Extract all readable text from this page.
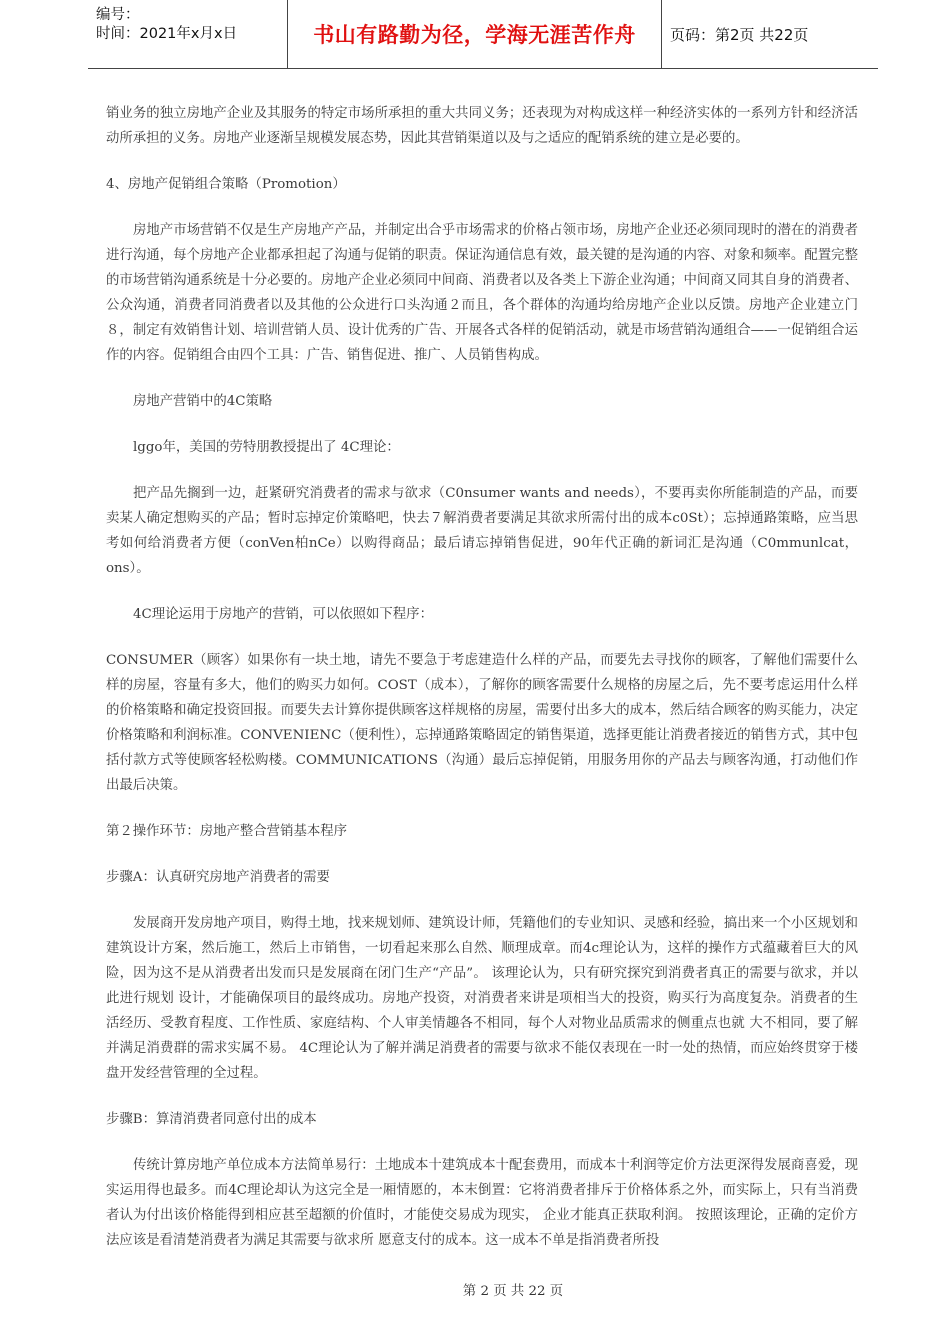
编号：
时间：2021年x月x日	书山有路勤为径，学海无涯苦作舟 页码：第2页 共22页

销业务的独立房地产企业及其服务的特定市场所承担的重大共同义务；还表现为对构成这样一种经济实体的一系列方针和经济活动所承担的义务。房地产业逐渐呈规模发展态势，因此其营销渠道以及与之适应的配销系统的建立是必要的。

4、房地产促销组合策略（Promotion）

房地产市场营销不仅是生产房地产产品，并制定出合乎市场需求的价格占领市场，房地产企业还必须同现时的潜在的消费者进行沟通，每个房地产企业都承担起了沟通与促销的职责。保证沟通信息有效，最关键的是沟通的内容、对象和频率。配置完整的市场营销沟通系统是十分必要的。房地产企业必须同中间商、消费者以及各类上下游企业沟通；中间商又同其自身的消费者、公众沟通，消费者同消费者以及其他的公众进行口头沟通２而且，各个群体的沟通均给房地产企业以反馈。房地产企业建立门８，制定有效销售计划、培训营销人员、设计优秀的广告、开展各式各样的促销活动，就是市场营销沟通组合——一促销组合运作的内容。促销组合由四个工具：广告、销售促进、推广、人员销售构成。

房地产营销中的4C策略

lggo年，美国的劳特朋教授提出了 4C理论：

把产品先搁到一边，赶紧研究消费者的需求与欲求（C0nsumer wants and needs），不要再卖你所能制造的产品，而要卖某人确定想购买的产品；暂时忘掉定价策略吧，快去７解消费者要满足其欲求所需付出的成本c0St）；忘掉通路策略，应当思考如何给消费者方便（conVen柏nCe）以购得商品；最后请忘掉销售促进，90年代正确的新词汇是沟通（C0mmunlcat，ons）。

4C理论运用于房地产的营销，可以依照如下程序：

CONSUMER（顾客）如果你有一块土地，请先不要急于考虑建造什么样的产品，而要先去寻找你的顾客，了解他们需要什么样的房屋，容量有多大，他们的购买力如何。COST（成本），了解你的顾客需要什么规格的房屋之后，先不要考虑运用什么样的价格策略和确定投资回报。而要失去计算你提供顾客这样规格的房屋，需要付出多大的成本，然后结合顾客的购买能力，决定价格策略和利润标准。CONVENIENC（便利性），忘掉通路策略固定的销售渠道，选择更能让消费者接近的销售方式，其中包括付款方式等使顾客轻松购楼。COMMUNICATIONS（沟通）最后忘掉促销，用服务用你的产品去与顾客沟通，打动他们作出最后决策。

第２操作环节：房地产整合营销基本程序

步骤A：认真研究房地产消费者的需要

发展商开发房地产项目，购得土地，找来规划师、建筑设计师，凭籍他们的专业知识、灵感和经验，搞出来一个小区规划和建筑设计方案，然后施工，然后上市销售，一切看起来那么自然、顺理成章。而4c理论认为，这样的操作方式蕴藏着巨大的风险，因为这不是从消费者出发而只是发展商在闭门生产“产品”。 该理论认为，只有研究探究到消费者真正的需要与欲求，并以此进行规划 设计，才能确保项目的最终成功。房地产投资，对消费者来讲是项相当大的投资，购买行为高度复杂。消费者的生活经历、受教育程度、工作性质、家庭结构、个人审美情趣各不相同，每个人对物业品质需求的侧重点也就 大不相同，要了解并满足消费群的需求实属不易。 4C理论认为了解并满足消费者的需要与欲求不能仅表现在一时一处的热情，而应始终贯穿于楼盘开发经营管理的全过程。

步骤B：算清消费者同意付出的成本

传统计算房地产单位成本方法简单易行：土地成本十建筑成本十配套费用，而成本十利润等定价方法更深得发展商喜爱，现实运用得也最多。而4C理论却认为这完全是一厢情愿的，本末倒置：它将消费者排斥于价格体系之外，而实际上，只有当消费者认为付出该价格能得到相应甚至超额的价值时，才能使交易成为现实， 企业才能真正获取利润。 按照该理论，正确的定价方法应该是看清楚消费者为满足其需要与欲求所 愿意支付的成本。这一成本不单是指消费者所投

第 2 页 共 22 页
